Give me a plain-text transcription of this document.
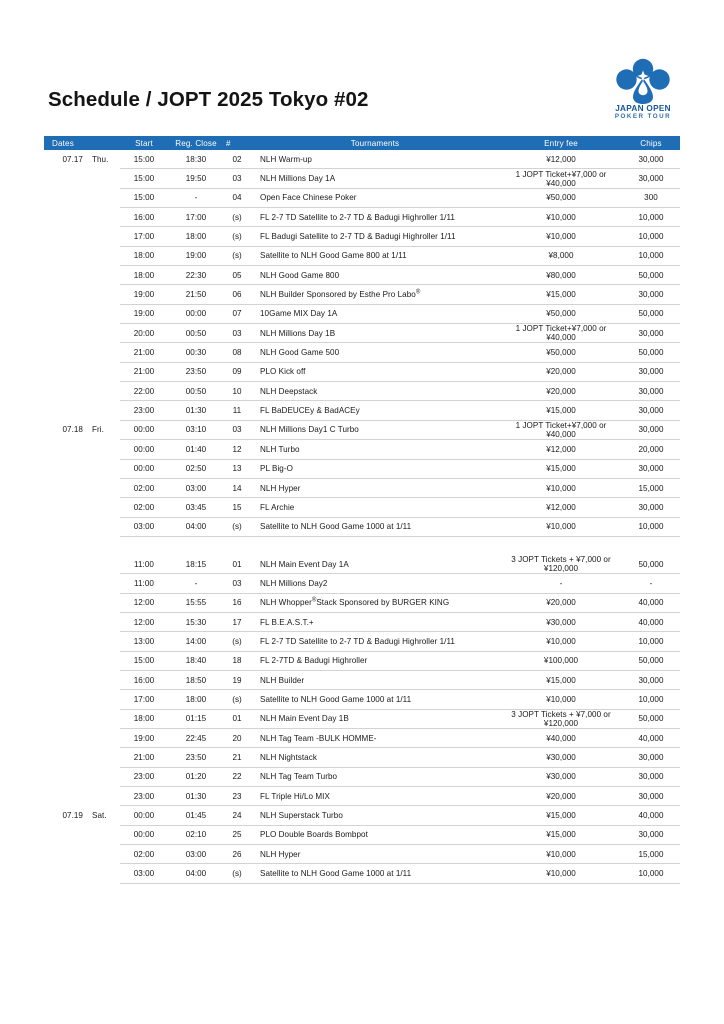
Schedule / JOPT 2025 Tokyo #02	JAPAN OPEN
POKER TOUR
Dates		Start	Reg. Close	#	Tournaments	Entry fee	Chips
07.17	Thu.	15:00	18:30	02	NLH Warm-up	¥12,000	30,000
		15:00	19:50	03	NLH Millions Day 1A	1 JOPT Ticket+¥7,000 or ¥40,000	30,000
		15:00	-	04	Open Face Chinese Poker	¥50,000	300
		16:00	17:00	(s)	FL 2-7 TD Satellite to 2-7 TD & Badugi Highroller 1/11	¥10,000	10,000
		17:00	18:00	(s)	FL Badugi Satellite to 2-7 TD & Badugi Highroller 1/11	¥10,000	10,000
		18:00	19:00	(s)	Satellite to NLH Good Game 800 at 1/11	¥8,000	10,000
		18:00	22:30	05	NLH Good Game 800	¥80,000	50,000
		19:00	21:50	06	NLH Builder Sponsored by Esthe Pro Labo®	¥15,000	30,000
		19:00	00:00	07	10Game MIX Day 1A	¥50,000	50,000
		20:00	00:50	03	NLH Millions Day 1B	1 JOPT Ticket+¥7,000 or ¥40,000	30,000
		21:00	00:30	08	NLH Good Game 500	¥50,000	50,000
		21:00	23:50	09	PLO Kick off	¥20,000	30,000
		22:00	00:50	10	NLH Deepstack	¥20,000	30,000
		23:00	01:30	11	FL BaDEUCEy & BadACEy	¥15,000	30,000
07.18	Fri.	00:00	03:10	03	NLH Millions Day1 C Turbo	1 JOPT Ticket+¥7,000 or ¥40,000	30,000
		00:00	01:40	12	NLH Turbo	¥12,000	20,000
		00:00	02:50	13	PL Big-O	¥15,000	30,000
		02:00	03:00	14	NLH Hyper	¥10,000	15,000
		02:00	03:45	15	FL Archie	¥12,000	30,000
		03:00	04:00	(s)	Satellite to NLH Good Game 1000 at 1/11	¥10,000	10,000

		11:00	18:15	01	NLH Main Event Day 1A	3 JOPT Tickets + ¥7,000 or ¥120,000	50,000
		11:00	-	03	NLH Millions Day2	-	-
		12:00	15:55	16	NLH Whopper®Stack Sponsored by BURGER KING	¥20,000	40,000
		12:00	15:30	17	FL B.E.A.S.T.+	¥30,000	40,000
		13:00	14:00	(s)	FL 2-7 TD Satellite to 2-7 TD & Badugi Highroller 1/11	¥10,000	10,000
		15:00	18:40	18	FL 2-7TD & Badugi Highroller	¥100,000	50,000
		16:00	18:50	19	NLH Builder	¥15,000	30,000
		17:00	18:00	(s)	Satellite to NLH Good Game 1000 at 1/11	¥10,000	10,000
		18:00	01:15	01	NLH Main Event Day 1B	3 JOPT Tickets + ¥7,000 or ¥120,000	50,000
		19:00	22:45	20	NLH Tag Team -BULK HOMME-	¥40,000	40,000
		21:00	23:50	21	NLH Nightstack	¥30,000	30,000
		23:00	01:20	22	NLH Tag Team Turbo	¥30,000	30,000
		23:00	01:30	23	FL Triple Hi/Lo MIX	¥20,000	30,000
07.19	Sat.	00:00	01:45	24	NLH Superstack Turbo	¥15,000	40,000
		00:00	02:10	25	PLO Double Boards Bombpot	¥15,000	30,000
		02:00	03:00	26	NLH Hyper	¥10,000	15,000
		03:00	04:00	(s)	Satellite to NLH Good Game 1000 at 1/11	¥10,000	10,000
